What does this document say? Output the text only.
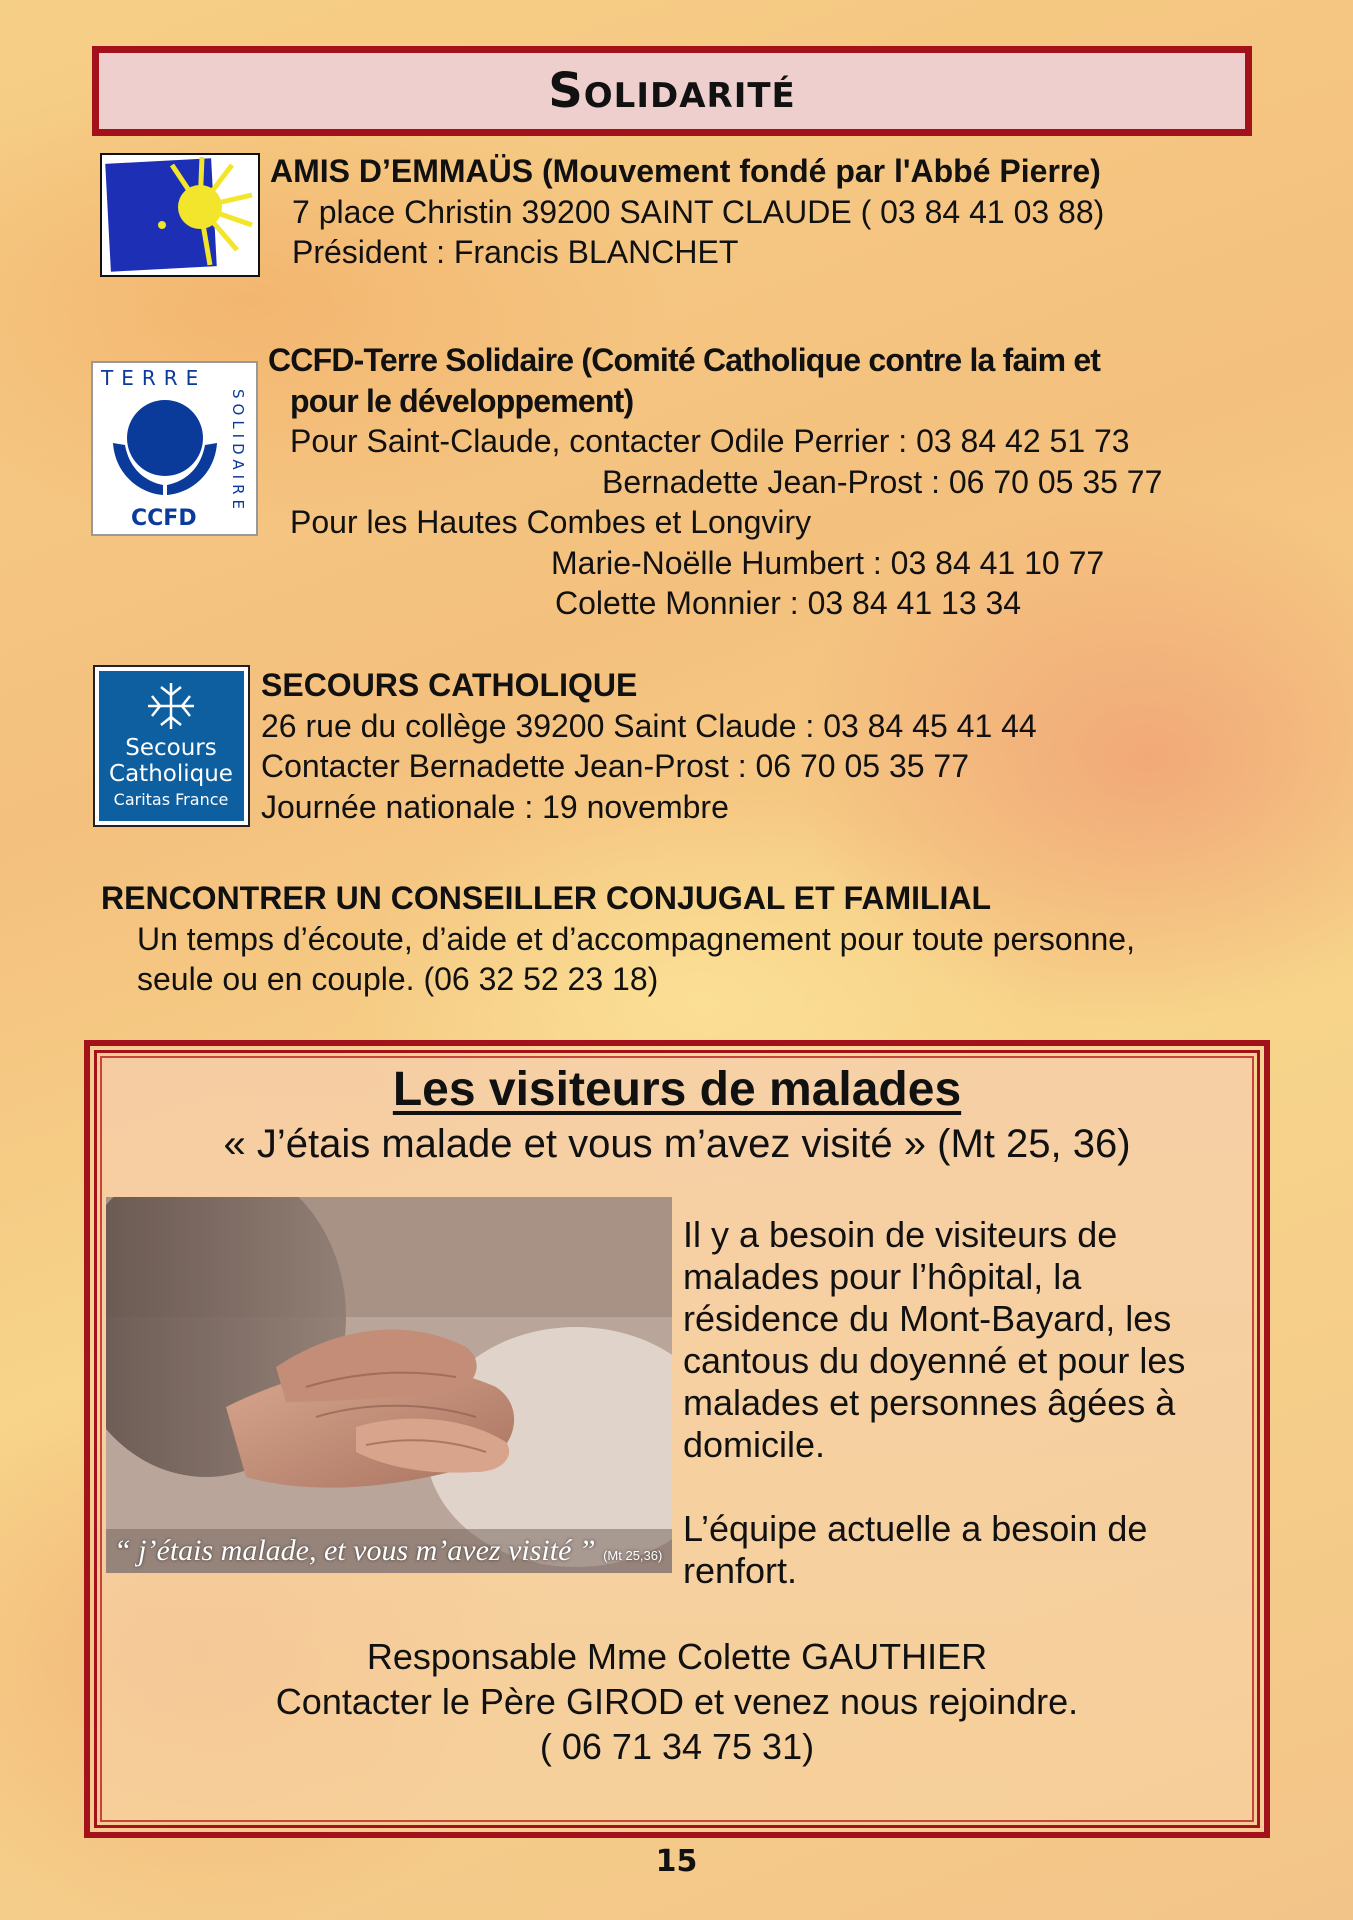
Solidarité
AMIS D’EMMAÜS (Mouvement fondé par l'Abbé Pierre)
7 place Christin 39200 SAINT CLAUDE ( 03 84 41 03 88)
Président : Francis BLANCHET
TERRE
SOLIDAIRE
CCFD
CCFD-Terre Solidaire (Comité Catholique contre la faim et
pour le développement)
Pour Saint-Claude, contacter Odile Perrier : 03 84 42 51 73
Bernadette Jean-Prost : 06 70 05 35 77
Pour les Hautes Combes et Longviry
Marie-Noëlle Humbert : 03 84 41 10 77
Colette Monnier : 03 84 41 13 34
Secours
Catholique
Caritas France
SECOURS CATHOLIQUE
26 rue du collège 39200 Saint Claude : 03 84 45 41 44
Contacter Bernadette Jean-Prost : 06 70 05 35 77
Journée nationale : 19 novembre
RENCONTRER UN CONSEILLER CONJUGAL ET FAMILIAL
Un temps d’écoute, d’aide et d’accompagnement pour toute personne,
seule ou en couple. (06 32 52 23 18)
Les visiteurs de malades
« J’étais malade et vous m’avez visité » (Mt 25, 36)
“ j’étais malade, et vous m’avez visité ” (Mt 25,36)
Il y a besoin de visiteurs de
malades pour l’hôpital, la
résidence du Mont-Bayard, les
cantous du doyenné et pour les
malades et personnes âgées à
domicile.
L’équipe actuelle a besoin de
renfort.
Responsable Mme Colette GAUTHIER
Contacter le Père GIROD et venez nous rejoindre.
( 06 71 34 75 31)
15
